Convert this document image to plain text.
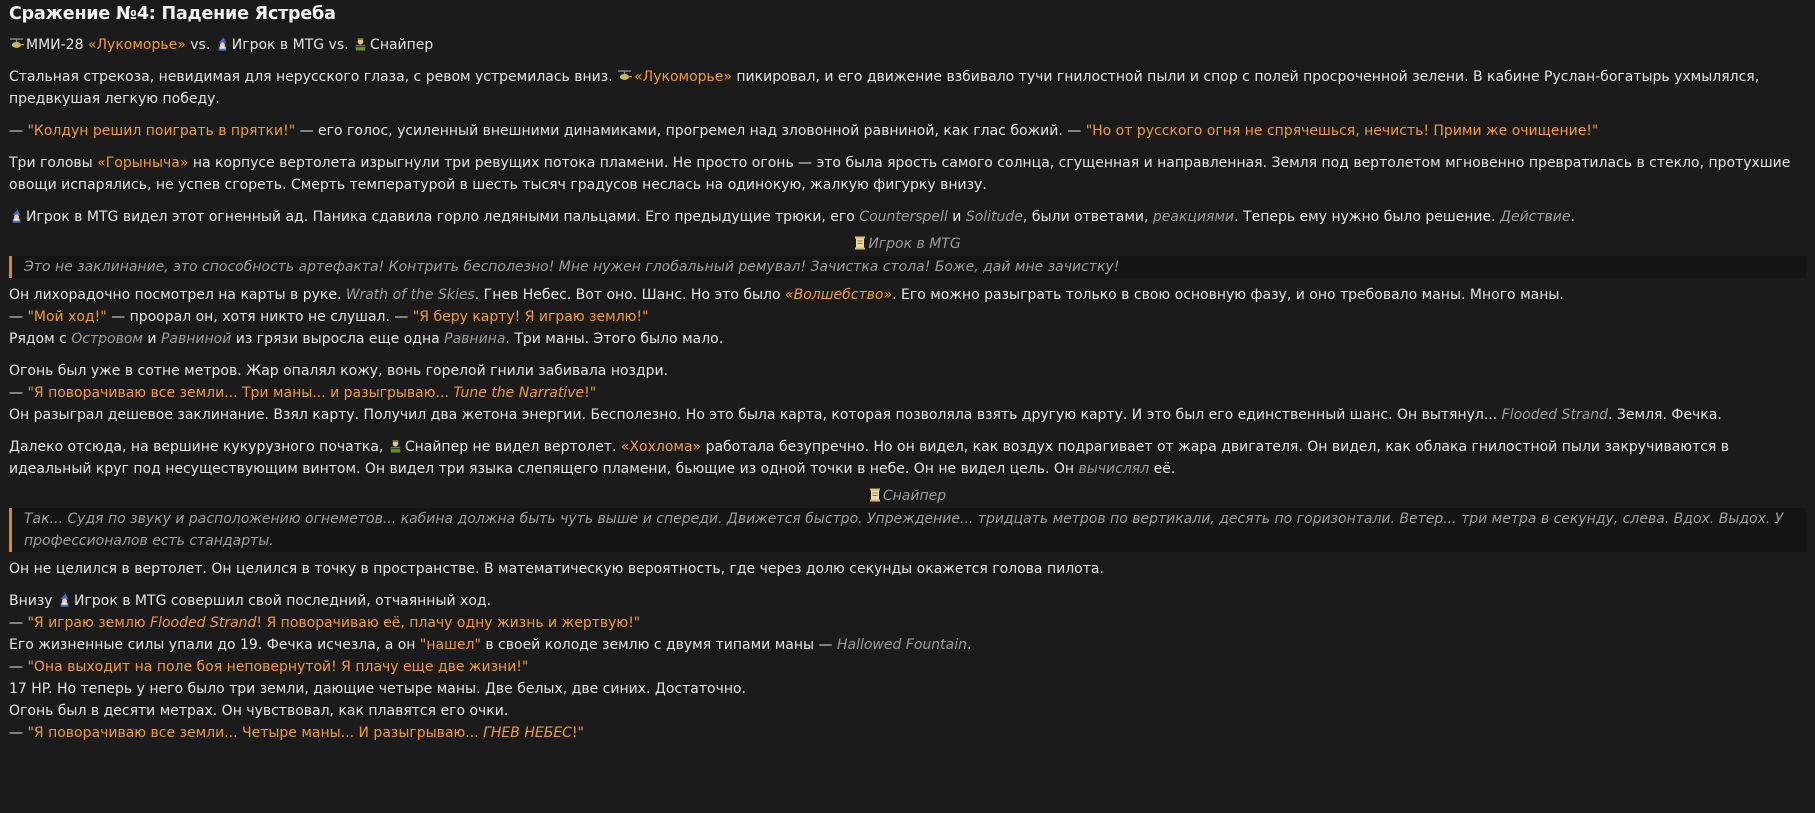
Сражение №4: Падение Ястреба

ММИ-28 «Лукоморье» vs. Игрок в MTG vs. Снайпер

Стальная стрекоза, невидимая для нерусского глаза, с ревом устремилась вниз. «Лукоморье» пикировал, и его движение взбивало тучи гнилостной пыли и спор с полей просроченной зелени. В кабине Руслан-богатырь ухмылялся, предвкушая легкую победу.

— "Колдун решил поиграть в прятки!" — его голос, усиленный внешними динамиками, прогремел над зловонной равниной, как глас божий. — "Но от русского огня не спрячешься, нечисть! Прими же очищение!"

Три головы «Горыныча» на корпусе вертолета изрыгнули три ревущих потока пламени. Не просто огонь — это была ярость самого солнца, сгущенная и направленная. Земля под вертолетом мгновенно превратилась в стекло, протухшие овощи испарялись, не успев сгореть. Смерть температурой в шесть тысяч градусов неслась на одинокую, жалкую фигурку внизу.

Игрок в MTG видел этот огненный ад. Паника сдавила горло ледяными пальцами. Его предыдущие трюки, его Counterspell и Solitude, были ответами, реакциями. Теперь ему нужно было решение. Действие.

Игрок в MTG
Это не заклинание, это способность артефакта! Контрить бесполезно! Мне нужен глобальный ремувал! Зачистка стола! Боже, дай мне зачистку!

Он лихорадочно посмотрел на карты в руке. Wrath of the Skies. Гнев Небес. Вот оно. Шанс. Но это было «Волшебство». Его можно разыграть только в свою основную фазу, и оно требовало маны. Много маны.

— "Мой ход!" — проорал он, хотя никто не слушал. — "Я беру карту! Я играю землю!"

Рядом с Островом и Равниной из грязи выросла еще одна Равнина. Три маны. Этого было мало.

Огонь был уже в сотне метров. Жар опалял кожу, вонь горелой гнили забивала ноздри.

— "Я поворачиваю все земли... Три маны... и разыгрываю... Tune the Narrative!"

Он разыграл дешевое заклинание. Взял карту. Получил два жетона энергии. Бесполезно. Но это была карта, которая позволяла взять другую карту. И это был его единственный шанс. Он вытянул... Flooded Strand. Земля. Фечка.

Далеко отсюда, на вершине кукурузного початка, Снайпер не видел вертолет. «Хохлома» работала безупречно. Но он видел, как воздух подрагивает от жара двигателя. Он видел, как облака гнилостной пыли закручиваются в идеальный круг под несуществующим винтом. Он видел три языка слепящего пламени, бьющие из одной точки в небе. Он не видел цель. Он вычислял её.

Снайпер
Так... Судя по звуку и расположению огнеметов... кабина должна быть чуть выше и спереди. Движется быстро. Упреждение... тридцать метров по вертикали, десять по горизонтали. Ветер... три метра в секунду, слева. Вдох. Выдох. У профессионалов есть стандарты.

Он не целился в вертолет. Он целился в точку в пространстве. В математическую вероятность, где через долю секунды окажется голова пилота.

Внизу Игрок в MTG совершил свой последний, отчаянный ход.

— "Я играю землю Flooded Strand! Я поворачиваю её, плачу одну жизнь и жертвую!"

Его жизненные силы упали до 19. Фечка исчезла, а он "нашел" в своей колоде землю с двумя типами маны — Hallowed Fountain.

— "Она выходит на поле боя неповернутой! Я плачу еще две жизни!"

17 HP. Но теперь у него было три земли, дающие четыре маны. Две белых, две синих. Достаточно.

Огонь был в десяти метрах. Он чувствовал, как плавятся его очки.

— "Я поворачиваю все земли... Четыре маны... И разыгрываю... ГНЕВ НЕБЕС!"
